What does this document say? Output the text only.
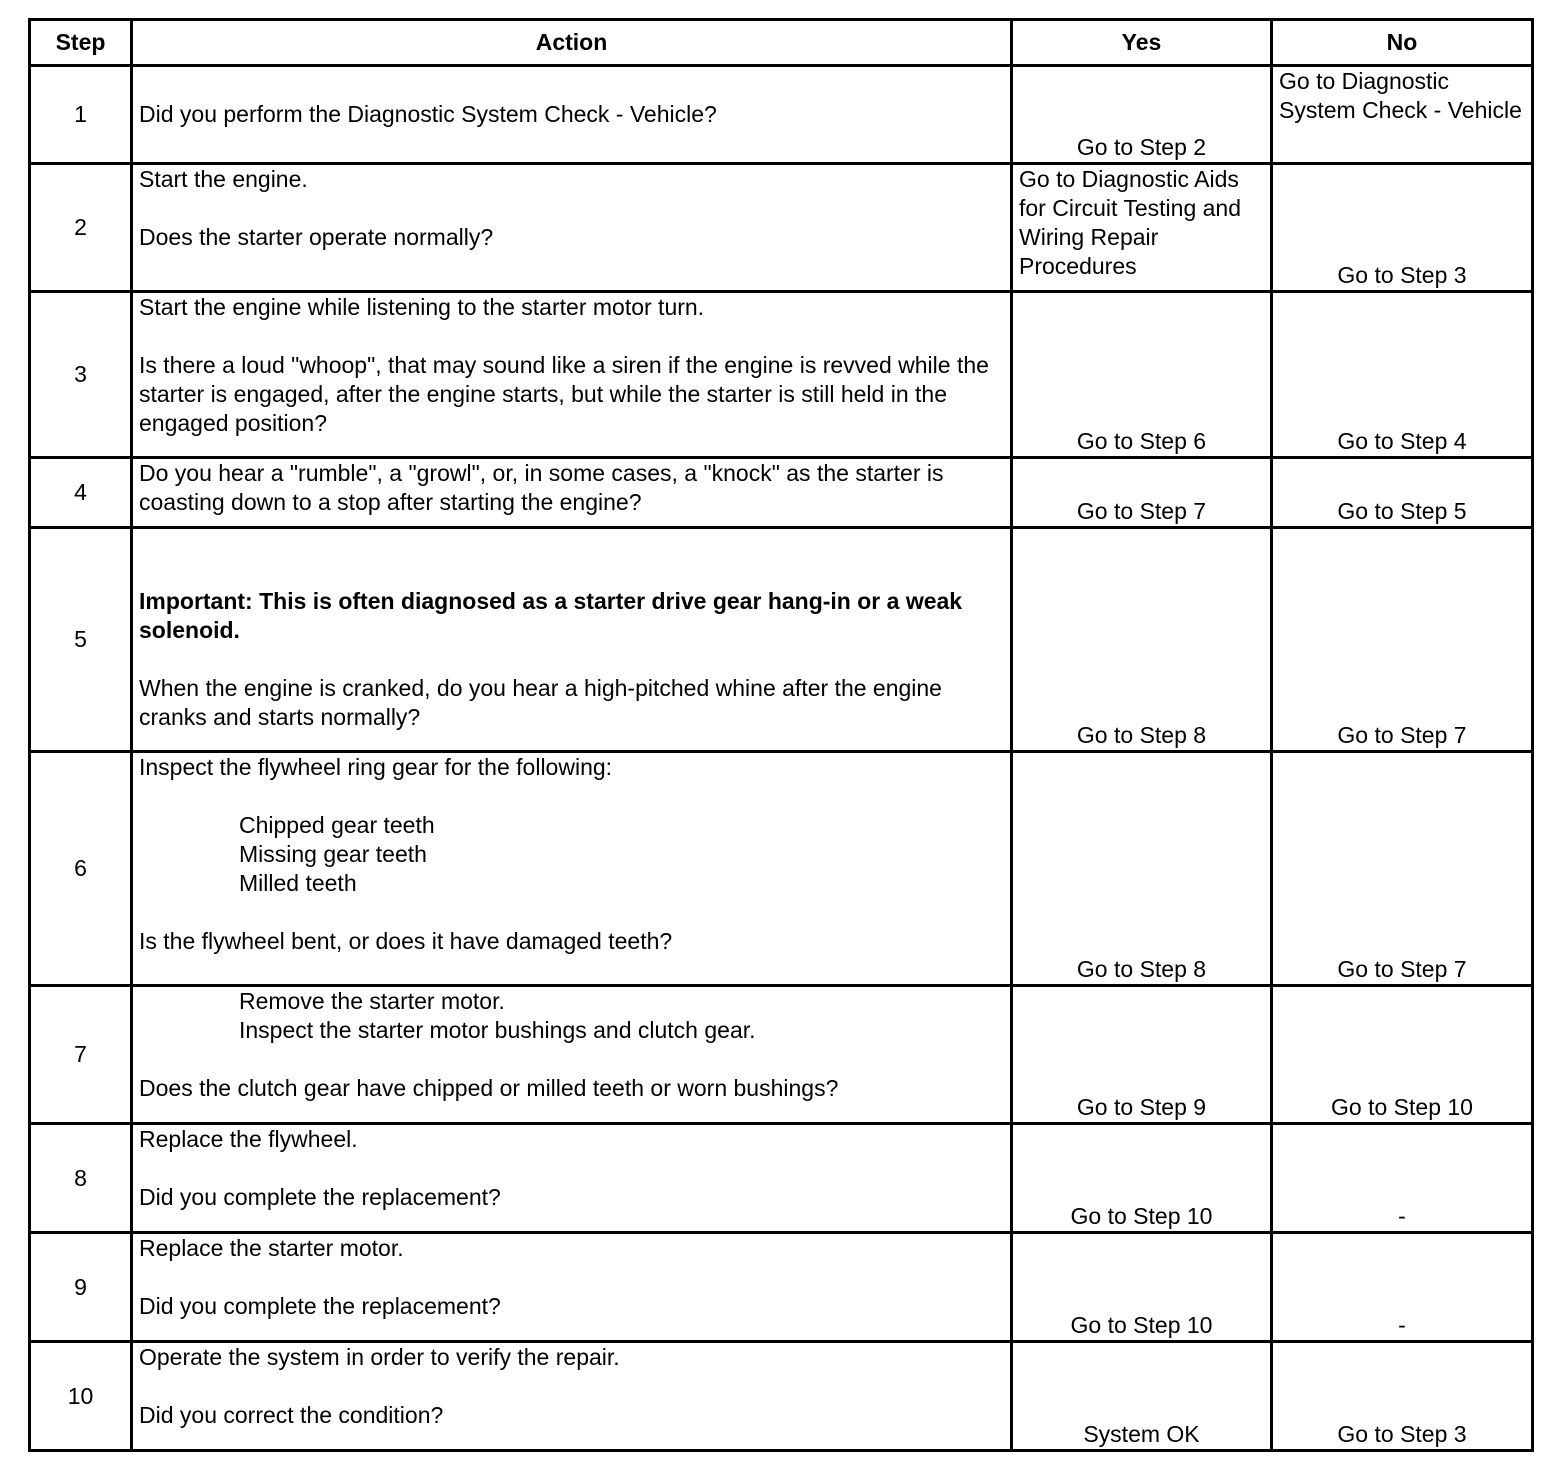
Step	Action	Yes	No
1	Did you perform the Diagnostic System Check - Vehicle?	Go to Step 2	Go to Diagnostic System Check - Vehicle
2	Start the engine.
Does the starter operate normally?	Go to Diagnostic Aids for Circuit Testing and Wiring Repair Procedures	Go to Step 3
3	Start the engine while listening to the starter motor turn.
Is there a loud "whoop", that may sound like a siren if the engine is revved while the starter is engaged, after the engine starts, but while the starter is still held in the engaged position?	Go to Step 6	Go to Step 4
4	Do you hear a "rumble", a "growl", or, in some cases, a "knock" as the starter is coasting down to a stop after starting the engine?	Go to Step 7	Go to Step 5
5	Important: This is often diagnosed as a starter drive gear hang-in or a weak solenoid.
When the engine is cranked, do you hear a high-pitched whine after the engine cranks and starts normally?	Go to Step 8	Go to Step 7
6	Inspect the flywheel ring gear for the following:
Chipped gear teeth
Missing gear teeth
Milled teeth
Is the flywheel bent, or does it have damaged teeth?	Go to Step 8	Go to Step 7
7	Remove the starter motor.
Inspect the starter motor bushings and clutch gear.
Does the clutch gear have chipped or milled teeth or worn bushings?	Go to Step 9	Go to Step 10
8	Replace the flywheel.
Did you complete the replacement?	Go to Step 10	-
9	Replace the starter motor.
Did you complete the replacement?	Go to Step 10	-
10	Operate the system in order to verify the repair.
Did you correct the condition?	System OK	Go to Step 3
